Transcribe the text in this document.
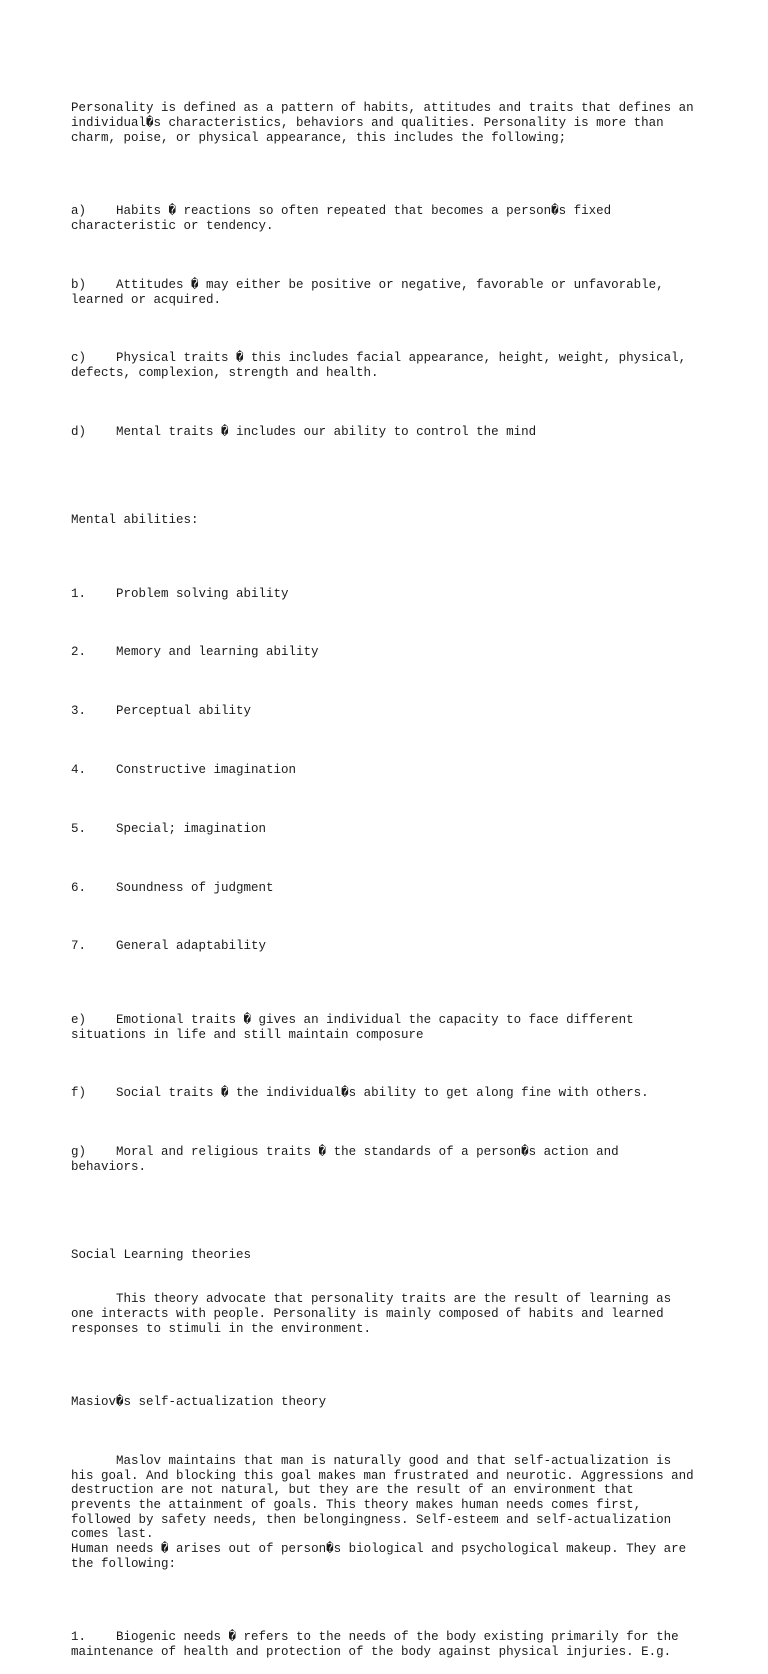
Personality is defined as a pattern of habits, attitudes and traits that defines an
individual�s characteristics, behaviors and qualities. Personality is more than
charm, poise, or physical appearance, this includes the following;

a)    Habits � reactions so often repeated that becomes a person�s fixed
characteristic or tendency.

b)    Attitudes � may either be positive or negative, favorable or unfavorable,
learned or acquired.

c)    Physical traits � this includes facial appearance, height, weight, physical,
defects, complexion, strength and health.

d)    Mental traits � includes our ability to control the mind

Mental abilities:

1.    Problem solving ability

2.    Memory and learning ability

3.    Perceptual ability

4.    Constructive imagination

5.    Special; imagination

6.    Soundness of judgment

7.    General adaptability

e)    Emotional traits � gives an individual the capacity to face different
situations in life and still maintain composure

f)    Social traits � the individual�s ability to get along fine with others.

g)    Moral and religious traits � the standards of a person�s action and
behaviors.

Social Learning theories

This theory advocate that personality traits are the result of learning as
one interacts with people. Personality is mainly composed of habits and learned
responses to stimuli in the environment.

Masiov�s self-actualization theory

Maslov maintains that man is naturally good and that self-actualization is
his goal. And blocking this goal makes man frustrated and neurotic. Aggressions and
destruction are not natural, but they are the result of an environment that
prevents the attainment of goals. This theory makes human needs comes first,
followed by safety needs, then belongingness. Self-esteem and self-actualization
comes last.
Human needs � arises out of person�s biological and psychological makeup. They are
the following:

1.    Biogenic needs � refers to the needs of the body existing primarily for the
maintenance of health and protection of the body against physical injuries. E.g.
